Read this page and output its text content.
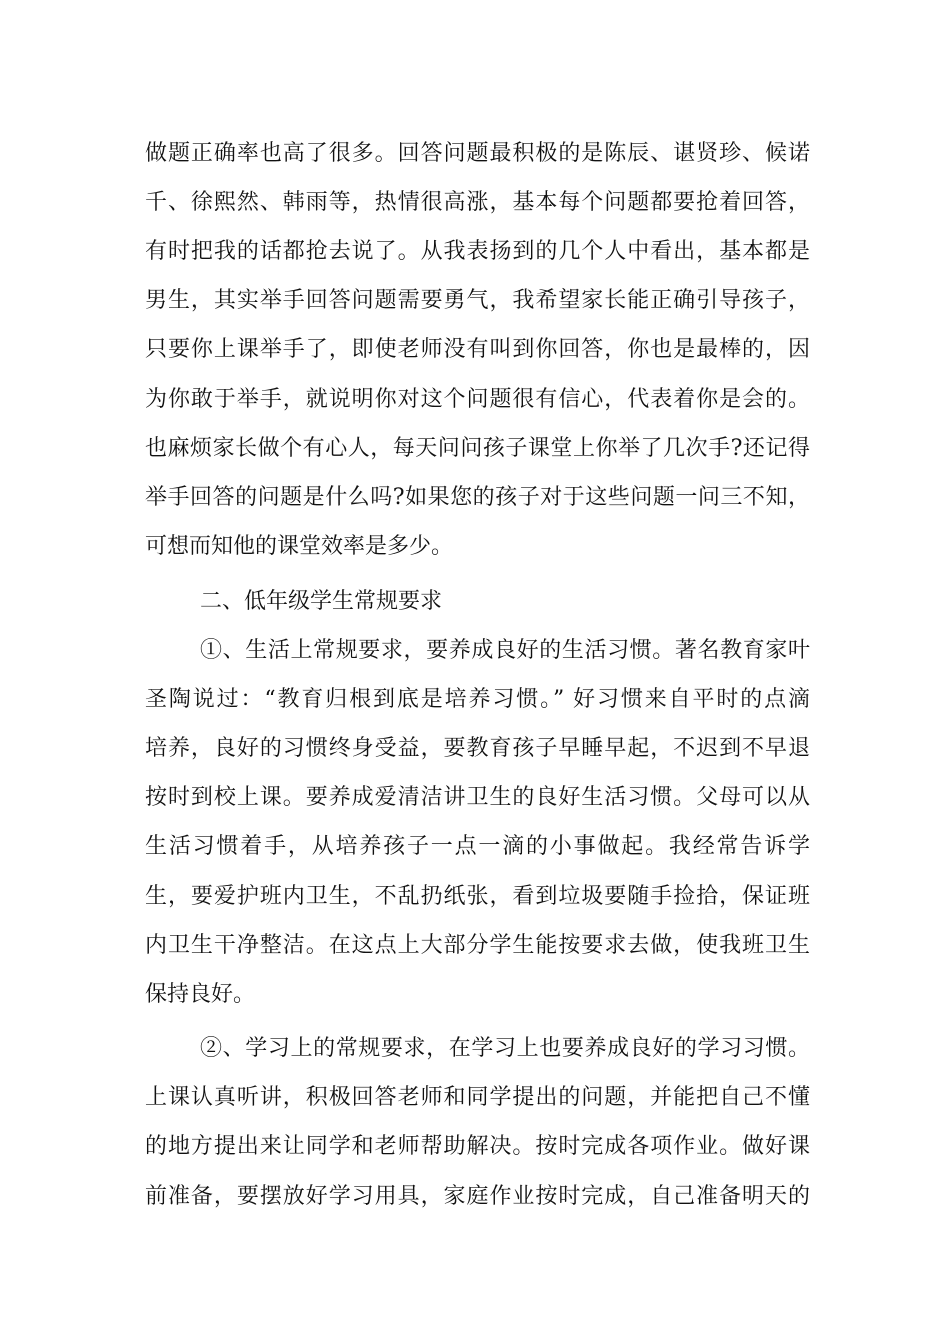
做题正确率也高了很多。回答问题最积极的是陈辰、谌贤珍、候诺
千、徐熙然、韩雨等，热情很高涨，基本每个问题都要抢着回答，
有时把我的话都抢去说了。从我表扬到的几个人中看出，基本都是
男生，其实举手回答问题需要勇气，我希望家长能正确引导孩子，
只要你上课举手了，即使老师没有叫到你回答，你也是最棒的，因
为你敢于举手，就说明你对这个问题很有信心，代表着你是会的。
也麻烦家长做个有心人，每天问问孩子课堂上你举了几次手?还记得
举手回答的问题是什么吗?如果您的孩子对于这些问题一问三不知，
可想而知他的课堂效率是多少。
二、低年级学生常规要求
①、生活上常规要求，要养成良好的生活习惯。著名教育家叶
圣陶说过：“教育归根到底是培养习惯。” 好习惯来自平时的点滴
培养，良好的习惯终身受益，要教育孩子早睡早起，不迟到不早退
按时到校上课。要养成爱清洁讲卫生的良好生活习惯。父母可以从
生活习惯着手，从培养孩子一点一滴的小事做起。我经常告诉学
生，要爱护班内卫生，不乱扔纸张，看到垃圾要随手捡拾，保证班
内卫生干净整洁。在这点上大部分学生能按要求去做，使我班卫生
保持良好。
②、学习上的常规要求，在学习上也要养成良好的学习习惯。
上课认真听讲，积极回答老师和同学提出的问题，并能把自己不懂
的地方提出来让同学和老师帮助解决。按时完成各项作业。做好课
前准备，要摆放好学习用具，家庭作业按时完成，自己准备明天的
